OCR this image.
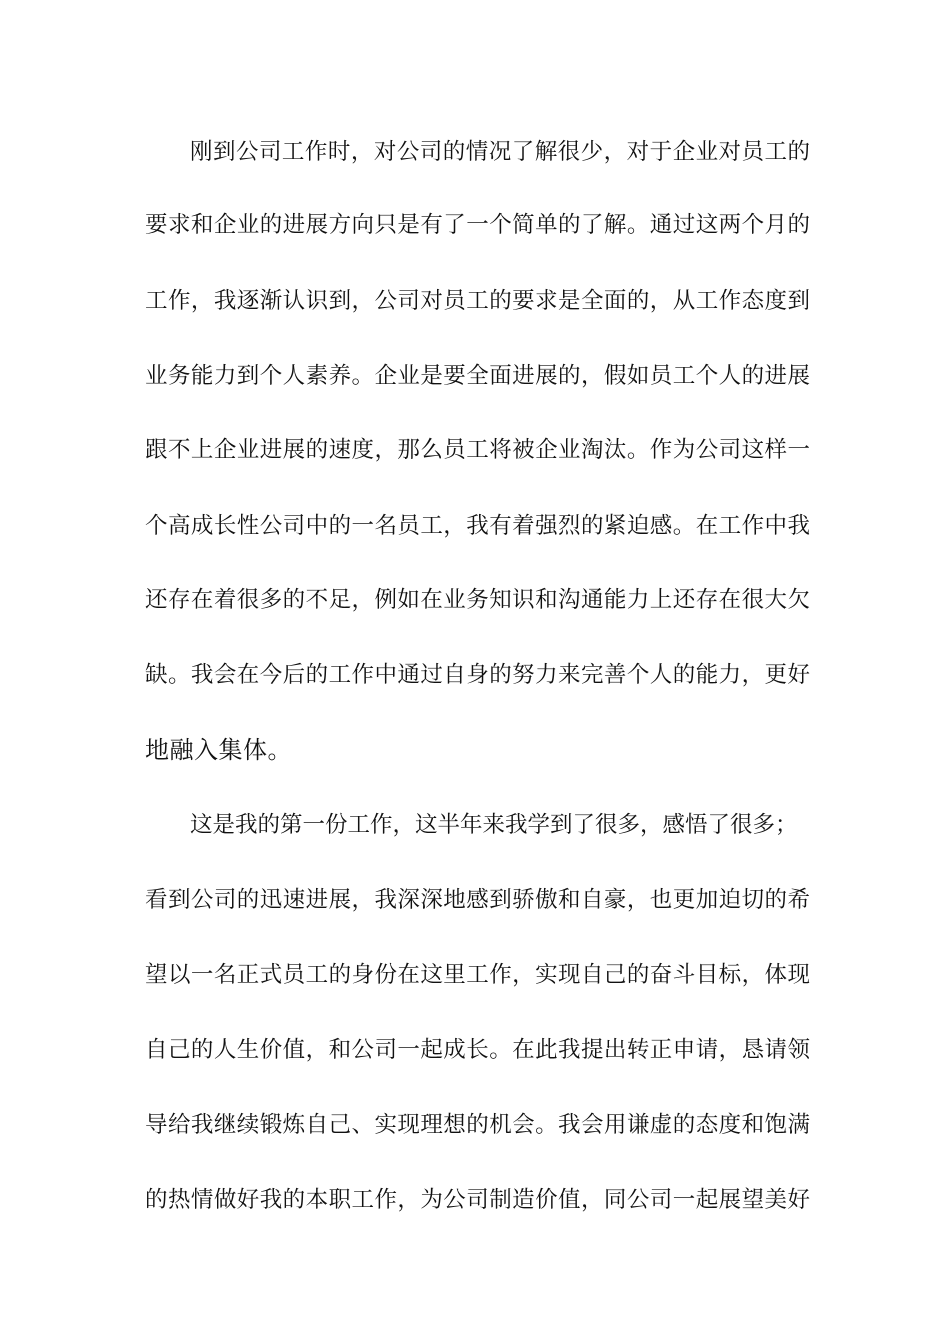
刚到公司工作时，对公司的情况了解很少，对于企业对员工的
要求和企业的进展方向只是有了一个简单的了解。通过这两个月的
工作，我逐渐认识到，公司对员工的要求是全面的，从工作态度到
业务能力到个人素养。企业是要全面进展的，假如员工个人的进展
跟不上企业进展的速度，那么员工将被企业淘汰。作为公司这样一
个高成长性公司中的一名员工，我有着强烈的紧迫感。在工作中我
还存在着很多的不足，例如在业务知识和沟通能力上还存在很大欠
缺。我会在今后的工作中通过自身的努力来完善个人的能力，更好
地融入集体。
这是我的第一份工作，这半年来我学到了很多，感悟了很多；
看到公司的迅速进展，我深深地感到骄傲和自豪，也更加迫切的希
望以一名正式员工的身份在这里工作，实现自己的奋斗目标，体现
自己的人生价值，和公司一起成长。在此我提出转正申请，恳请领
导给我继续锻炼自己、实现理想的机会。我会用谦虚的态度和饱满
的热情做好我的本职工作，为公司制造价值，同公司一起展望美好
